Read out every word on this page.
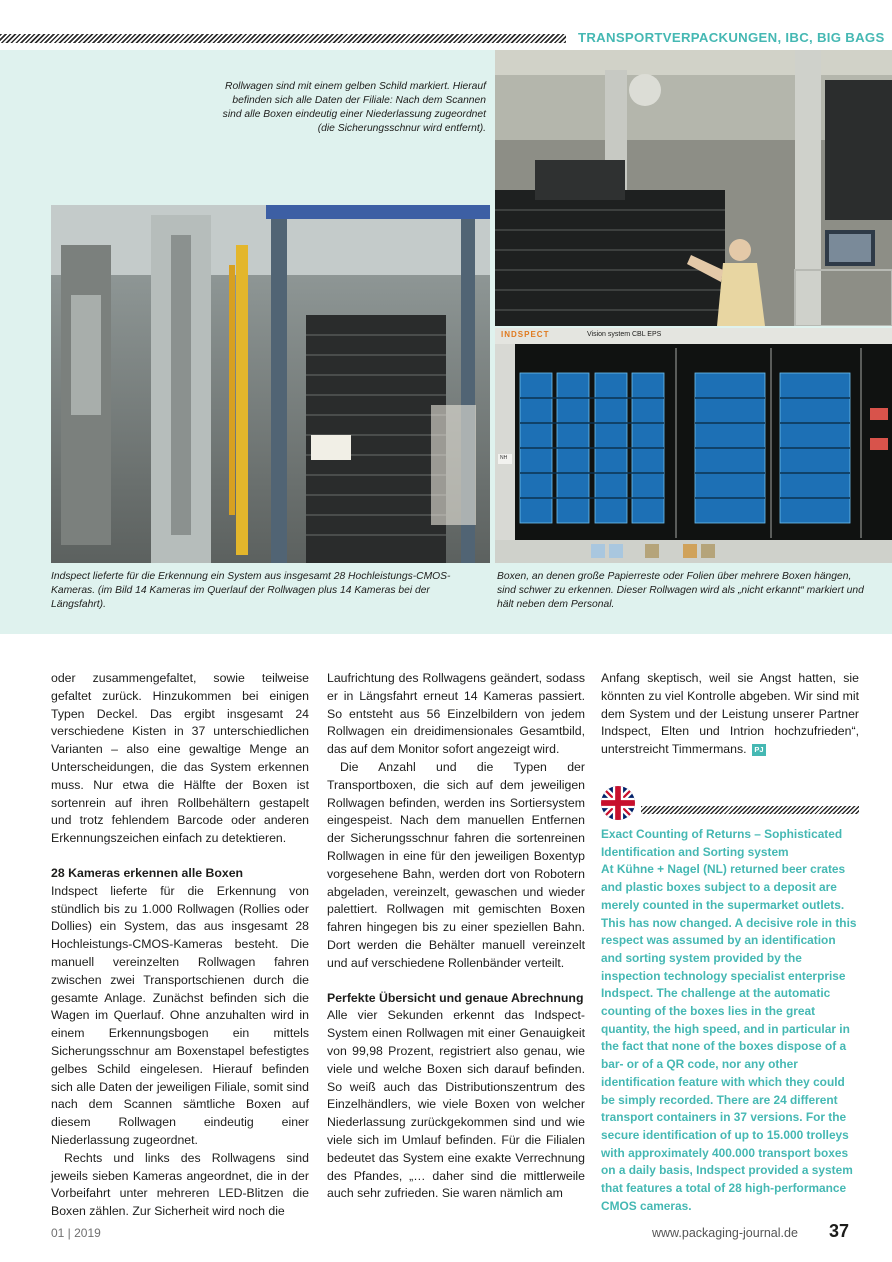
TRANSPORTVERPACKUNGEN, IBC, BIG BAGS
Rollwagen sind mit einem gelben Schild markiert. Hierauf befinden sich alle Daten der Filiale: Nach dem Scannen sind alle Boxen eindeutig einer Niederlassung zugeordnet (die Sicherungsschnur wird entfernt).
INDSPECT	Vision system CBL EPS
NH
Indspect lieferte für die Erkennung ein System aus insgesamt 28 Hochleistungs-CMOS-Kameras. (im Bild 14 Kameras im Querlauf der Rollwagen plus 14 Kameras bei der Längsfahrt).
Boxen, an denen große Papierreste oder Folien über mehrere Boxen hängen, sind schwer zu erkennen. Dieser Rollwagen wird als „nicht erkannt“ markiert und hält neben dem Personal.

oder zusammengefaltet, sowie teilweise gefaltet zurück. Hinzukommen bei einigen Typen Deckel. Das ergibt insgesamt 24 verschiedene Kisten in 37 unterschiedlichen Varianten – also eine gewaltige Menge an Unterscheidungen, die das System erkennen muss. Nur etwa die Hälfte der Boxen ist sortenrein auf ihren Rollbehältern gestapelt und trotz fehlendem Barcode oder anderen Erkennungszeichen einfach zu detektieren.

28 Kameras erkennen alle Boxen

Indspect lieferte für die Erkennung von stündlich bis zu 1.000 Rollwagen (Rollies oder Dollies) ein System, das aus insgesamt 28 Hochleistungs-CMOS-Kameras besteht. Die manuell vereinzelten Rollwagen fahren zwischen zwei Transportschienen durch die gesamte Anlage. Zunächst befinden sich die Wagen im Querlauf. Ohne anzuhalten wird in einem Erkennungsbogen ein mittels Sicherungsschnur am Boxenstapel befestigtes gelbes Schild eingelesen. Hierauf befinden sich alle Daten der jeweiligen Filiale, somit sind nach dem Scannen sämtliche Boxen auf diesem Rollwagen eindeutig einer Niederlassung zugeordnet.

Rechts und links des Rollwagens sind jeweils sieben Kameras angeordnet, die in der Vorbeifahrt unter mehreren LED-Blitzen die Boxen zählen. Zur Sicherheit wird noch die

Laufrichtung des Rollwagens geändert, sodass er in Längsfahrt erneut 14 Kameras passiert. So entsteht aus 56 Einzelbildern von jedem Rollwagen ein dreidimensionales Gesamtbild, das auf dem Monitor sofort angezeigt wird.

Die Anzahl und die Typen der Transportboxen, die sich auf dem jeweiligen Rollwagen befinden, werden ins Sortiersystem eingespeist. Nach dem manuellen Entfernen der Sicherungsschnur fahren die sortenreinen Rollwagen in eine für den jeweiligen Boxentyp vorgesehene Bahn, werden dort von Robotern abgeladen, vereinzelt, gewaschen und wieder palettiert. Rollwagen mit gemischten Boxen fahren hingegen bis zu einer speziellen Bahn. Dort werden die Behälter manuell vereinzelt und auf verschiedene Rollenbänder verteilt.

Perfekte Übersicht und genaue Abrechnung

Alle vier Sekunden erkennt das Indspect-System einen Rollwagen mit einer Genauigkeit von 99,98 Prozent, registriert also genau, wie viele und welche Boxen sich darauf befinden. So weiß auch das Distributionszentrum des Einzelhändlers, wie viele Boxen von welcher Niederlassung zurückgekommen sind und wie viele sich im Umlauf befinden. Für die Filialen bedeutet das System eine exakte Verrechnung des Pfandes, „… daher sind die mittlerweile auch sehr zufrieden. Sie waren nämlich am

Anfang skeptisch, weil sie Angst hatten, sie könnten zu viel Kontrolle abgeben. Wir sind mit dem System und der Leistung unserer Partner Indspect, Elten und Intrion hochzufrieden“, unterstreicht Timmermans. PJ

Exact Counting of Returns – Sophisticated Identification and Sorting system
At Kühne + Nagel (NL) returned beer crates and plastic boxes subject to a deposit are merely counted in the supermarket outlets. This has now changed. A decisive role in this respect was assumed by an identification and sorting system provided by the inspection technology specialist enterprise Indspect. The challenge at the automatic counting of the boxes lies in the great quantity, the high speed, and in particular in the fact that none of the boxes dispose of a bar- or of a QR code, nor any other identification feature with which they could be simply recorded. There are 24 different transport containers in 37 versions. For the secure identification of up to 15.000 trolleys with approximately 400.000 transport boxes on a daily basis, Indspect provided a system that features a total of 28 high-performance CMOS cameras.
01 | 2019	www.packaging-journal.de 37
